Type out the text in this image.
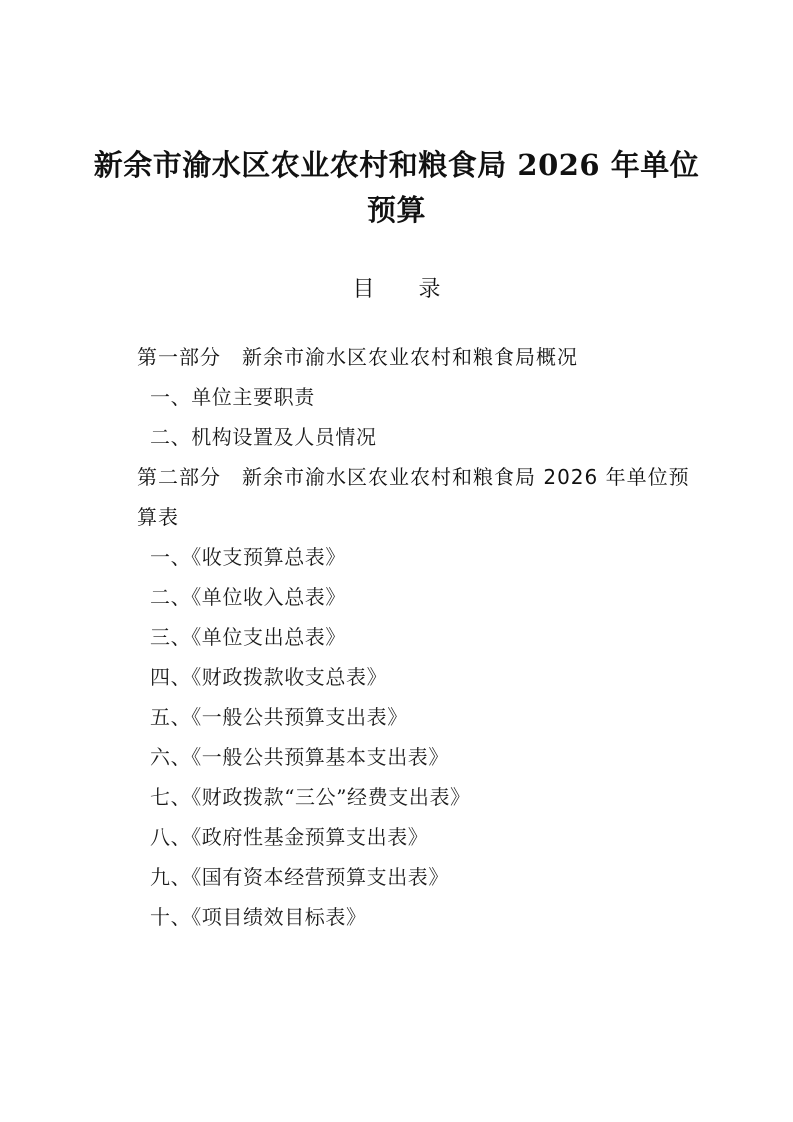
新余市渝水区农业农村和粮食局 2026 年单位
预算
目　　录
第一部分　新余市渝水区农业农村和粮食局概况
一、单位主要职责
二、机构设置及人员情况
第二部分　新余市渝水区农业农村和粮食局 2026 年单位预
算表
一、《收支预算总表》
二、《单位收入总表》
三、《单位支出总表》
四、《财政拨款收支总表》
五、《一般公共预算支出表》
六、《一般公共预算基本支出表》
七、《财政拨款“三公”经费支出表》
八、《政府性基金预算支出表》
九、《国有资本经营预算支出表》
十、《项目绩效目标表》
